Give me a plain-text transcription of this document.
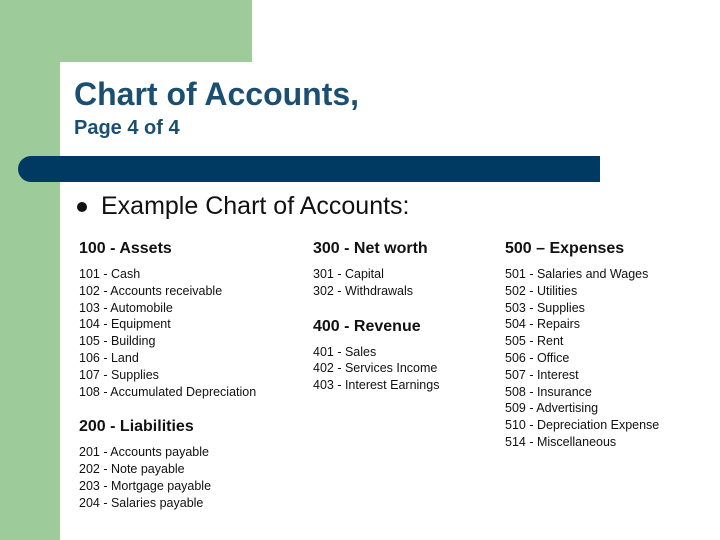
Chart of Accounts,
Page 4 of 4
Example Chart of Accounts:
100 - Assets
101 - Cash
102 - Accounts receivable
103 - Automobile
104 - Equipment
105 - Building
106 - Land
107 - Supplies
108 - Accumulated Depreciation
200 - Liabilities
201 - Accounts payable
202 - Note payable
203 - Mortgage payable
204 - Salaries payable
300 - Net worth
301 - Capital
302 - Withdrawals
400 - Revenue
401 - Sales
402 - Services Income
403 - Interest Earnings
500 – Expenses
501 - Salaries and Wages
502 - Utilities
503 - Supplies
504 - Repairs
505 - Rent
506 - Office
507 - Interest
508 - Insurance
509 - Advertising
510 - Depreciation Expense
514 - Miscellaneous
